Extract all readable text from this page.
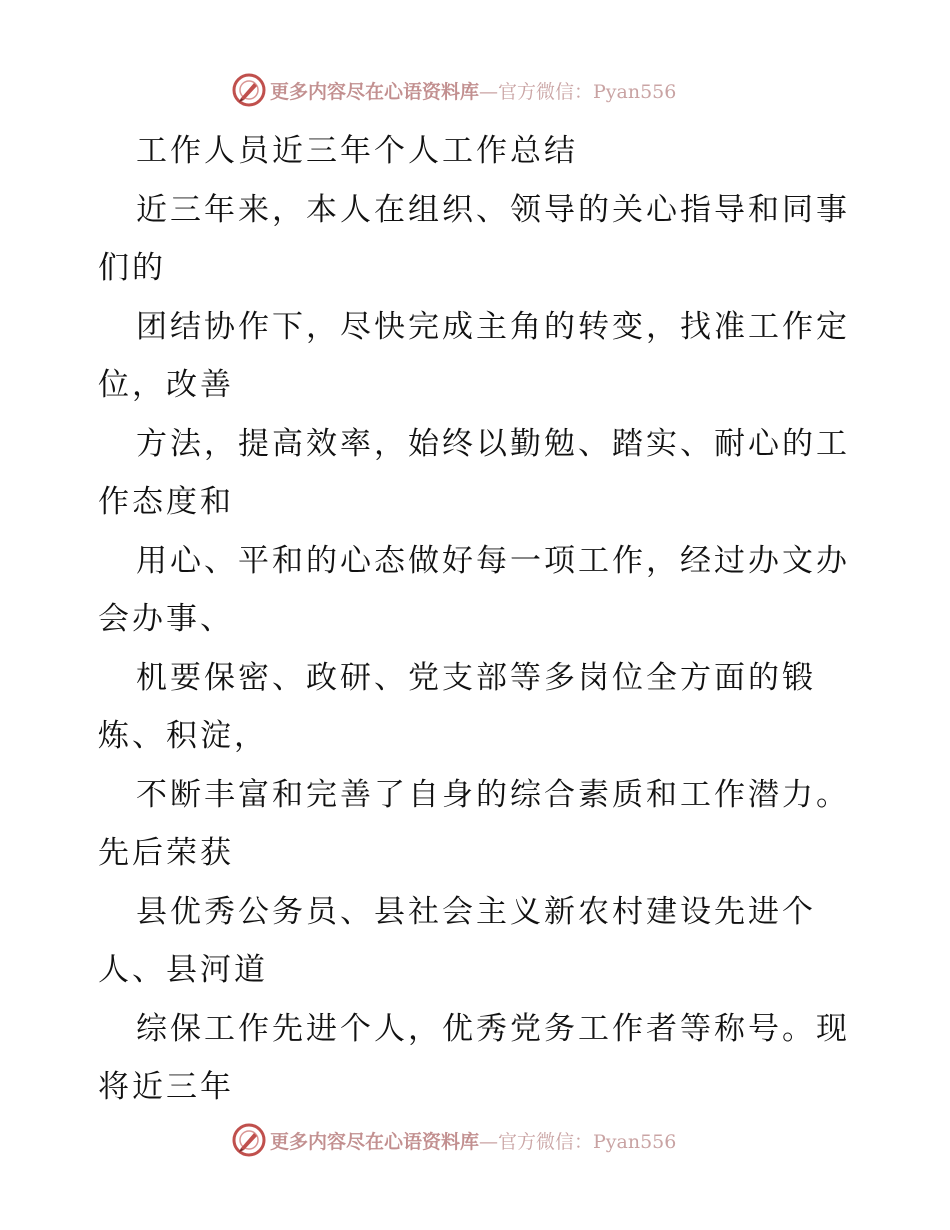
更多内容尽在心语资料库—官方微信：Pyan556
工作人员近三年个人工作总结
近三年来，本人在组织、领导的关心指导和同事
们的
团结协作下，尽快完成主角的转变，找准工作定
位，改善
方法，提高效率，始终以勤勉、踏实、耐心的工
作态度和
用心、平和的心态做好每一项工作，经过办文办
会办事、
机要保密、政研、党支部等多岗位全方面的锻
炼、积淀，
不断丰富和完善了自身的综合素质和工作潜力。
先后荣获
县优秀公务员、县社会主义新农村建设先进个
人、县河道
综保工作先进个人，优秀党务工作者等称号。现
将近三年
更多内容尽在心语资料库—官方微信：Pyan556
